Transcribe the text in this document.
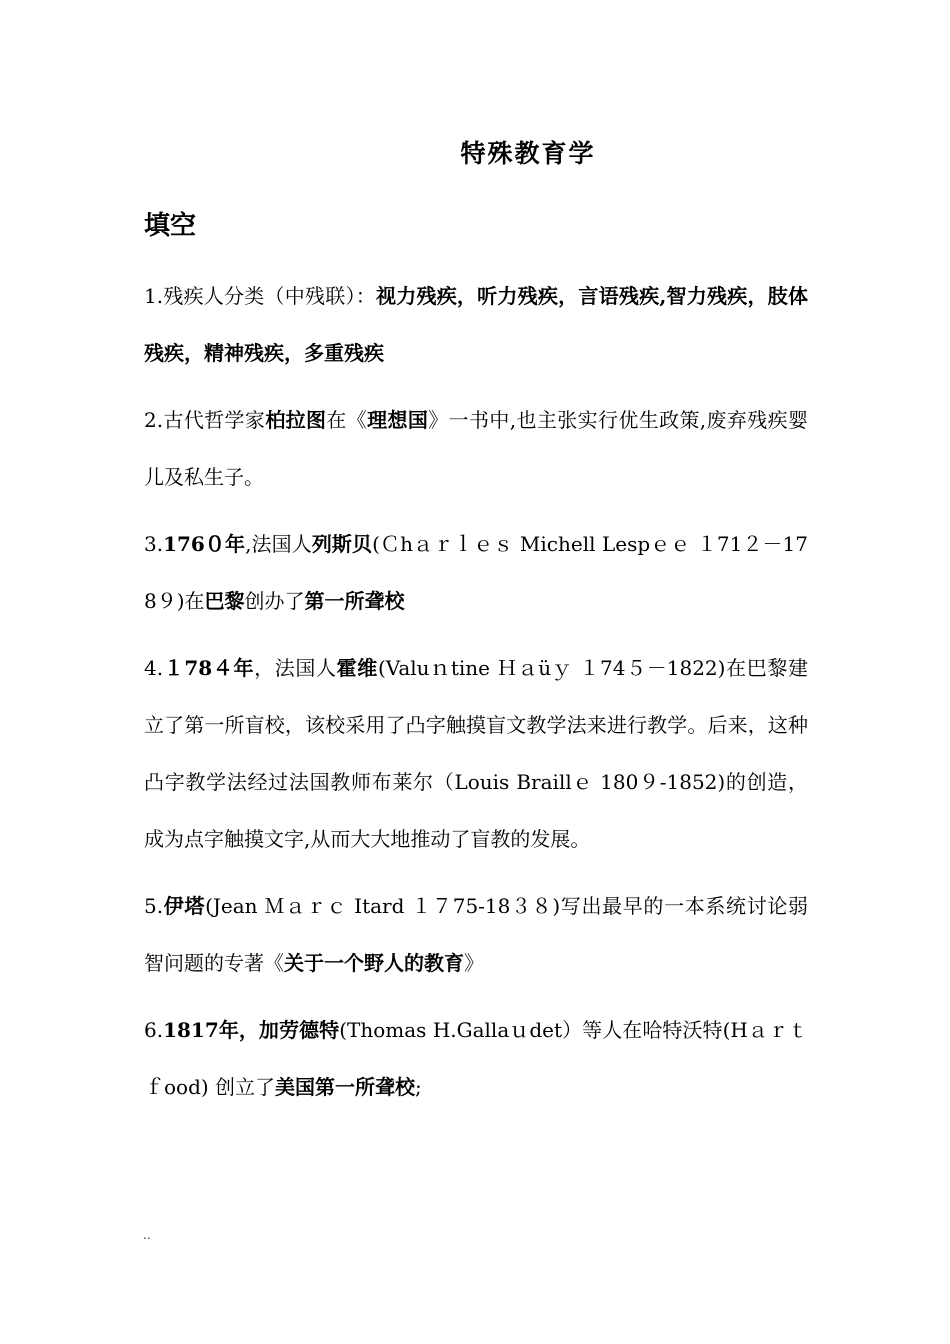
特殊教育学
填空

1.残疾人分类（中残联）：视力残疾，听力残疾，言语残疾,智力残疾，肢体残疾，精神残疾，多重残疾

2.古代哲学家柏拉图在《理想国》一书中,也主张实行优生政策,废弃残疾婴儿及私生子。

3.176０年,法国人列斯贝(Ｃhａｒｌｅｓ Michell Lespｅｅ １71２－178９)在巴黎创办了第一所聋校

4.１78４年，法国人霍维(Valuｎtine Ｈａüｙ １74５－1822)在巴黎建立了第一所盲校，该校采用了凸字触摸盲文教学法来进行教学。后来，这种凸字教学法经过法国教师布莱尔（Louis Braillｅ 180９-1852)的创造，成为点字触摸文字,从而大大地推动了盲教的发展。

5.伊塔(Jean Ｍａｒｃ Itard １７75-18３８)写出最早的一本系统讨论弱智问题的专著《关于一个野人的教育》

6.1817年，加劳德特(Thomas H.Gallaｕdet）等人在哈特沃特(Hａｒｔｆood) 创立了美国第一所聋校;

..
